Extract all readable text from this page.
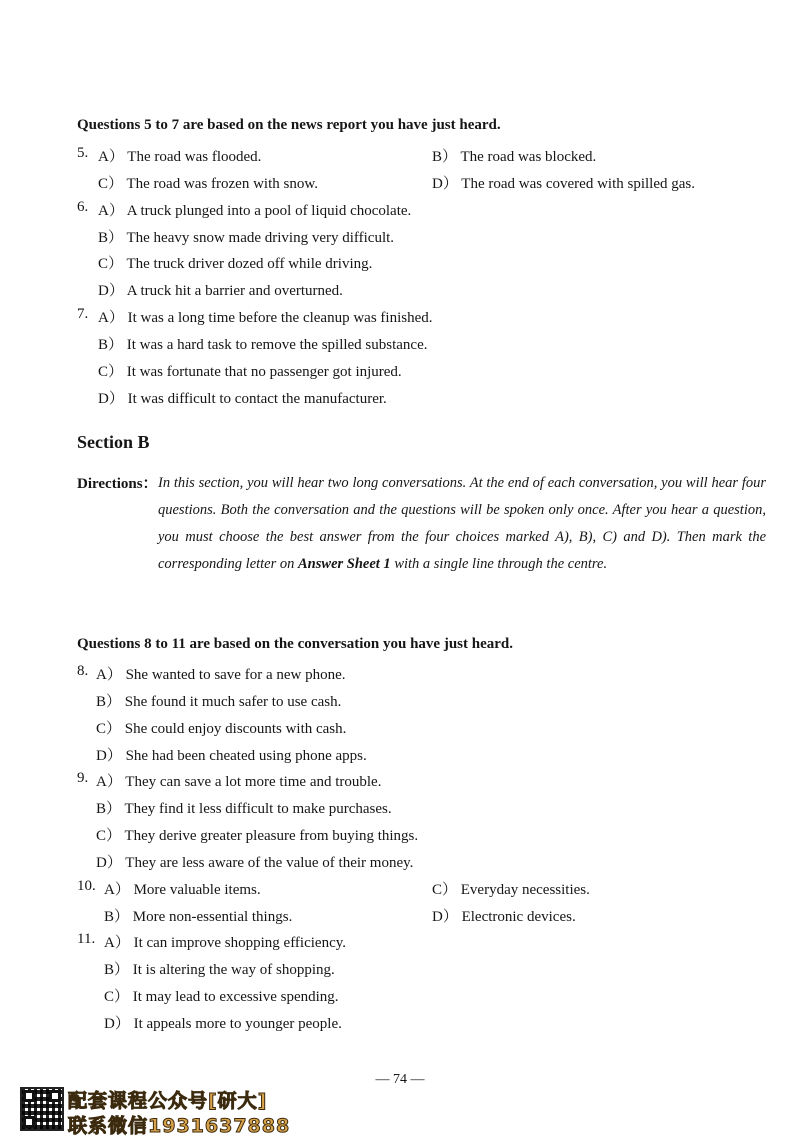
Questions 5 to 7 are based on the news report you have just heard.
5. A） The road was flooded.	B） The road was blocked.
C） The road was frozen with snow.	D） The road was covered with spilled gas.
6. A） A truck plunged into a pool of liquid chocolate.
B） The heavy snow made driving very difficult.
C） The truck driver dozed off while driving.
D） A truck hit a barrier and overturned.
7. A） It was a long time before the cleanup was finished.
B） It was a hard task to remove the spilled substance.
C） It was fortunate that no passenger got injured.
D） It was difficult to contact the manufacturer.
Section B
Directions： In this section, you will hear two long conversations. At the end of each conversation, you will hear four questions. Both the conversation and the questions will be spoken only once. After you hear a question, you must choose the best answer from the four choices marked A), B), C) and D). Then mark the corresponding letter on Answer Sheet 1 with a single line through the centre.
Questions 8 to 11 are based on the conversation you have just heard.
8. A） She wanted to save for a new phone.
B） She found it much safer to use cash.
C） She could enjoy discounts with cash.
D） She had been cheated using phone apps.
9. A） They can save a lot more time and trouble.
B） They find it less difficult to make purchases.
C） They derive greater pleasure from buying things.
D） They are less aware of the value of their money.
10. A） More valuable items.	C） Everyday necessities.
B） More non-essential things.	D） Electronic devices.
11. A） It can improve shopping efficiency.
B） It is altering the way of shopping.
C） It may lead to excessive spending.
D） It appeals more to younger people.
— 74 —
配套课程公众号[研大]
联系微信1931637888
